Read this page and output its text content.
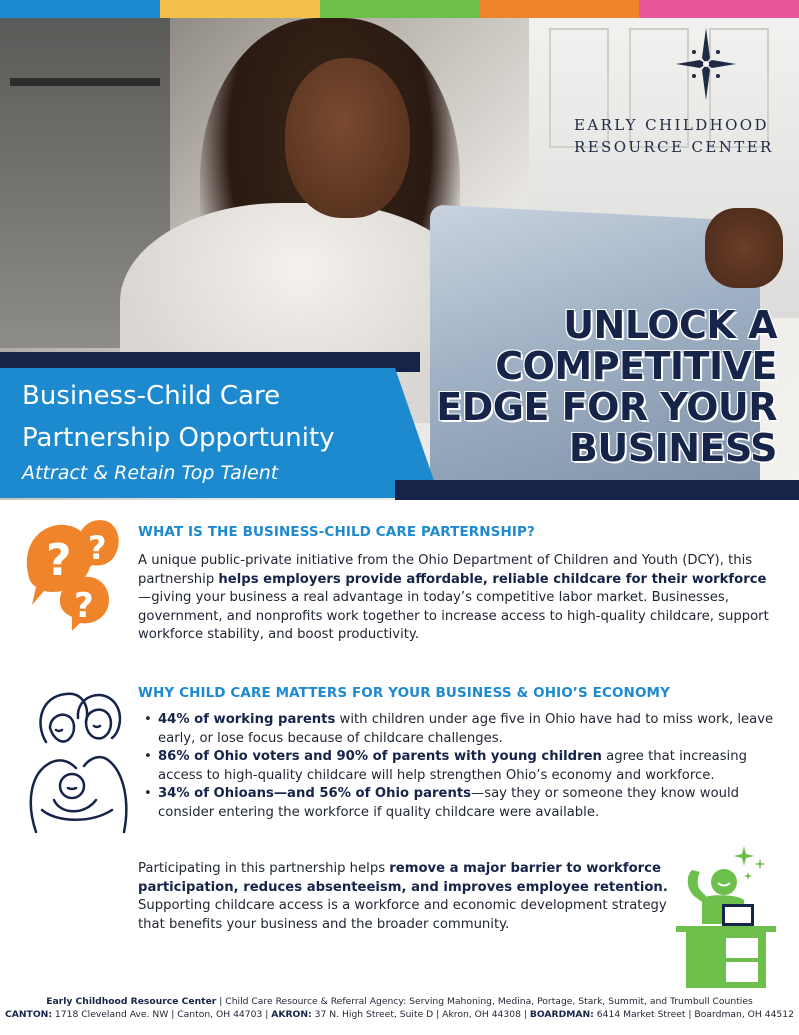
EARLY CHILDHOOD
RESOURCE CENTER
UNLOCK A
COMPETITIVE
EDGE FOR YOUR
BUSINESS
Business-Child Care
Partnership Opportunity
Attract & Retain Top Talent
? ?
?
WHAT IS THE BUSINESS-CHILD CARE PARTERNSHIP?
A unique public-private initiative from the Ohio Department of Children and Youth (DCY), this partnership helps employers provide affordable, reliable childcare for their workforce—giving your business a real advantage in today’s competitive labor market. Businesses, government, and nonprofits work together to increase access to high-quality childcare, support workforce stability, and boost productivity.
WHY CHILD CARE MATTERS FOR YOUR BUSINESS & OHIO’S ECONOMY
• 44% of working parents with children under age five in Ohio have had to miss work, leave early, or lose focus because of childcare challenges.
• 86% of Ohio voters and 90% of parents with young children agree that increasing access to high-quality childcare will help strengthen Ohio’s economy and workforce.
• 34% of Ohioans—and 56% of Ohio parents—say they or someone they know would consider entering the workforce if quality childcare were available.
Participating in this partnership helps remove a major barrier to workforce participation, reduces absenteeism, and improves employee retention. Supporting childcare access is a workforce and economic development strategy that benefits your business and the broader community.
Early Childhood Resource Center | Child Care Resource & Referral Agency: Serving Mahoning, Medina, Portage, Stark, Summit, and Trumbull Counties
CANTON: 1718 Cleveland Ave. NW | Canton, OH 44703 | AKRON: 37 N. High Street, Suite D | Akron, OH 44308 | BOARDMAN: 6414 Market Street | Boardman, OH 44512
